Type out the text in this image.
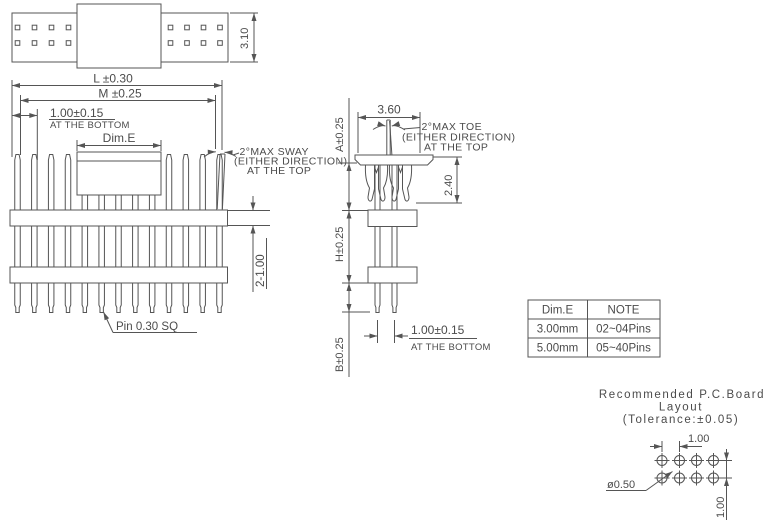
3.10
L ±0.30
M ±0.25
1.00±0.15
AT THE BOTTOM
Dim.E
2°MAX SWAY
(EITHER DIRECTION)
AT THE TOP
2-1.00
Pin 0.30 SQ
3.60
2°MAX TOE
(EITHER DIRECTION)
AT THE TOP
A±0.25
2.40
H±0.25
B±0.25
1.00±0.15
AT THE BOTTOM
Dim.E	NOTE
3.00mm 02~04Pins
5.00mm 05~40Pins
Recommended P.C.Board
Layout
(Tolerance:±0.05)
1.00
1.00
ø0.50
